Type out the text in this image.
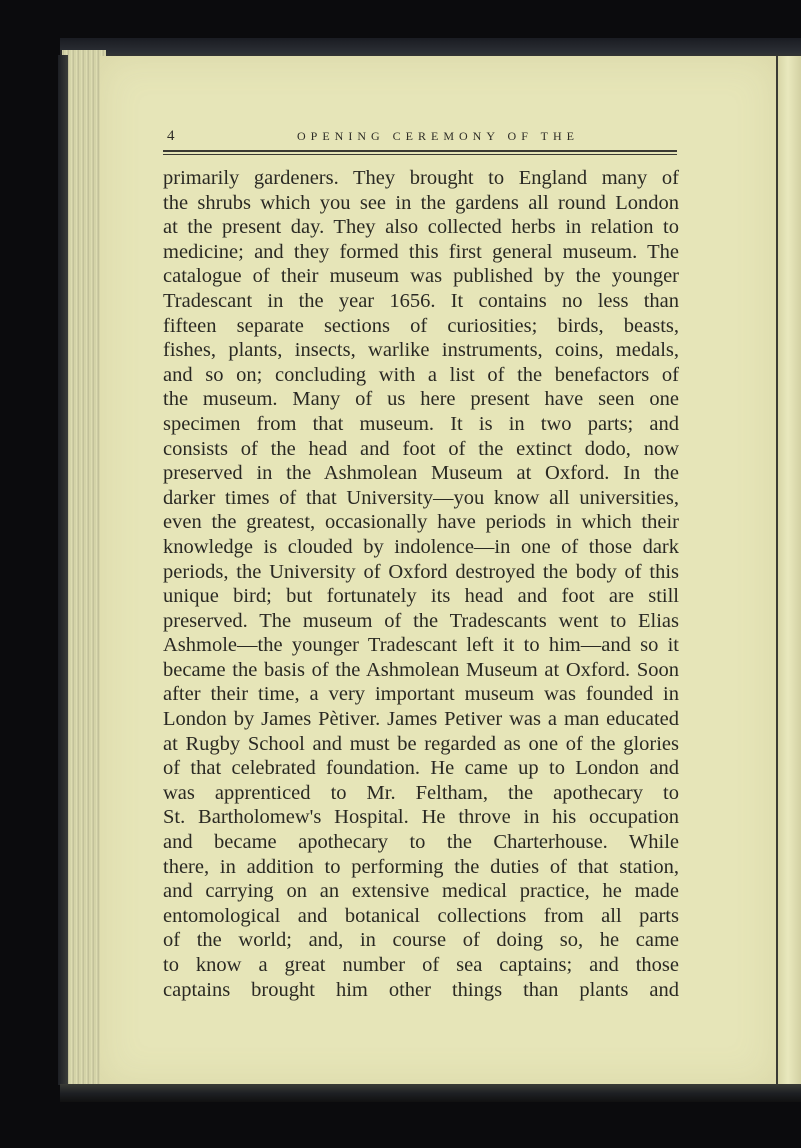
4	OPENING CEREMONY OF THE
primarily gardeners. They brought to England many of
the shrubs which you see in the gardens all round London
at the present day. They also collected herbs in relation to
medicine; and they formed this first general museum. The
catalogue of their museum was published by the younger
Tradescant in the year 1656. It contains no less than
fifteen separate sections of curiosities; birds, beasts,
fishes, plants, insects, warlike instruments, coins, medals,
and so on; concluding with a list of the benefactors of
the museum. Many of us here present have seen one
specimen from that museum. It is in two parts; and
consists of the head and foot of the extinct dodo, now
preserved in the Ashmolean Museum at Oxford. In the
darker times of that University—you know all universities,
even the greatest, occasionally have periods in which their
knowledge is clouded by indolence—in one of those dark
periods, the University of Oxford destroyed the body of this
unique bird; but fortunately its head and foot are still
preserved. The museum of the Tradescants went to Elias
Ashmole—the younger Tradescant left it to him—and so it
became the basis of the Ashmolean Museum at Oxford. Soon
after their time, a very important museum was founded in
London by James Pètiver. James Petiver was a man educated
at Rugby School and must be regarded as one of the glories
of that celebrated foundation. He came up to London and
was apprenticed to Mr. Feltham, the apothecary to
St. Bartholomew's Hospital. He throve in his occupation
and became apothecary to the Charterhouse. While
there, in addition to performing the duties of that station,
and carrying on an extensive medical practice, he made
entomological and botanical collections from all parts
of the world; and, in course of doing so, he came
to know a great number of sea captains; and those
captains brought him other things than plants and
